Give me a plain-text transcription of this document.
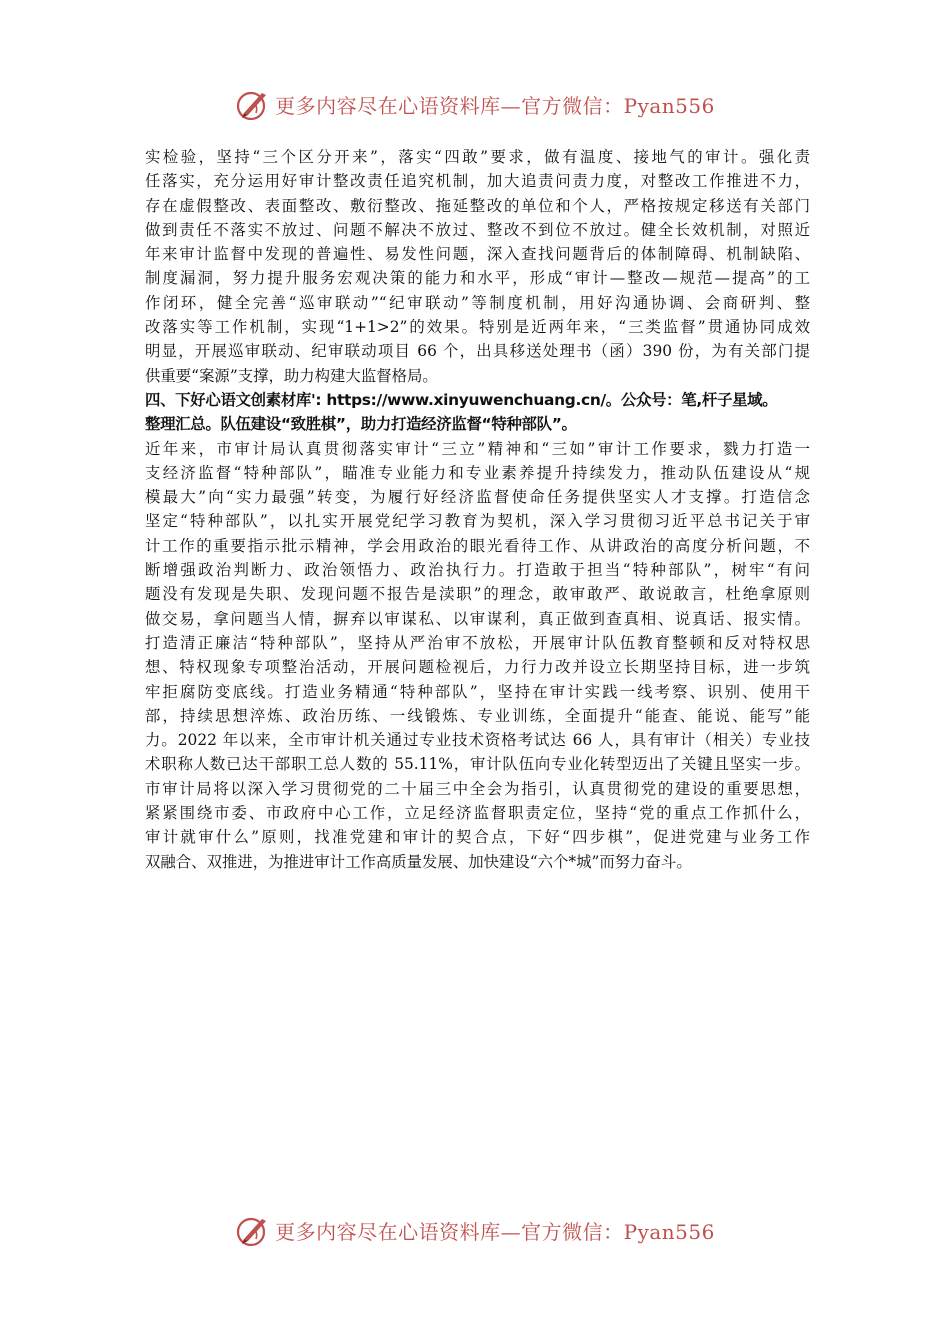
更多内容尽在心语资料库—官方微信：Pyan556
实检验，坚持“三个区分开来”，落实“四敢”要求，做有温度、接地气的审计。强化责
任落实，充分运用好审计整改责任追究机制，加大追责问责力度，对整改工作推进不力，
存在虚假整改、表面整改、敷衍整改、拖延整改的单位和个人，严格按规定移送有关部门
做到责任不落实不放过、问题不解决不放过、整改不到位不放过。健全长效机制，对照近
年来审计监督中发现的普遍性、易发性问题，深入查找问题背后的体制障碍、机制缺陷、
制度漏洞，努力提升服务宏观决策的能力和水平，形成“审计—整改—规范—提高”的工
作闭环，健全完善“巡审联动”“纪审联动”等制度机制，用好沟通协调、会商研判、整
改落实等工作机制，实现“1+1>2”的效果。特别是近两年来，“三类监督”贯通协同成效
明显，开展巡审联动、纪审联动项目 66 个，出具移送处理书（函）390 份，为有关部门提
供重要“案源”支撑，助力构建大监督格局。
四、下好心语文创素材库': https://www.xinyuwenchuang.cn/。公众号：笔,杆子星域。
整理汇总。队伍建设“致胜棋”，助力打造经济监督“特种部队”。
近年来，市审计局认真贯彻落实审计“三立”精神和“三如”审计工作要求，戮力打造一
支经济监督“特种部队”，瞄准专业能力和专业素养提升持续发力，推动队伍建设从“规
模最大”向“实力最强”转变，为履行好经济监督使命任务提供坚实人才支撑。打造信念
坚定“特种部队”，以扎实开展党纪学习教育为契机，深入学习贯彻习近平总书记关于审
计工作的重要指示批示精神，学会用政治的眼光看待工作、从讲政治的高度分析问题，不
断增强政治判断力、政治领悟力、政治执行力。打造敢于担当“特种部队”，树牢“有问
题没有发现是失职、发现问题不报告是渎职”的理念，敢审敢严、敢说敢言，杜绝拿原则
做交易，拿问题当人情，摒弃以审谋私、以审谋利，真正做到查真相、说真话、报实情。
打造清正廉洁“特种部队”，坚持从严治审不放松，开展审计队伍教育整顿和反对特权思
想、特权现象专项整治活动，开展问题检视后，力行力改并设立长期坚持目标，进一步筑
牢拒腐防变底线。打造业务精通“特种部队”，坚持在审计实践一线考察、识别、使用干
部，持续思想淬炼、政治历练、一线锻炼、专业训练，全面提升“能查、能说、能写”能
力。2022 年以来，全市审计机关通过专业技术资格考试达 66 人，具有审计（相关）专业技
术职称人数已达干部职工总人数的 55.11%，审计队伍向专业化转型迈出了关键且坚实一步。
市审计局将以深入学习贯彻党的二十届三中全会为指引，认真贯彻党的建设的重要思想，
紧紧围绕市委、市政府中心工作，立足经济监督职责定位，坚持“党的重点工作抓什么，
审计就审什么”原则，找准党建和审计的契合点，下好“四步棋”，促进党建与业务工作
双融合、双推进，为推进审计工作高质量发展、加快建设“六个*城”而努力奋斗。
更多内容尽在心语资料库—官方微信：Pyan556
